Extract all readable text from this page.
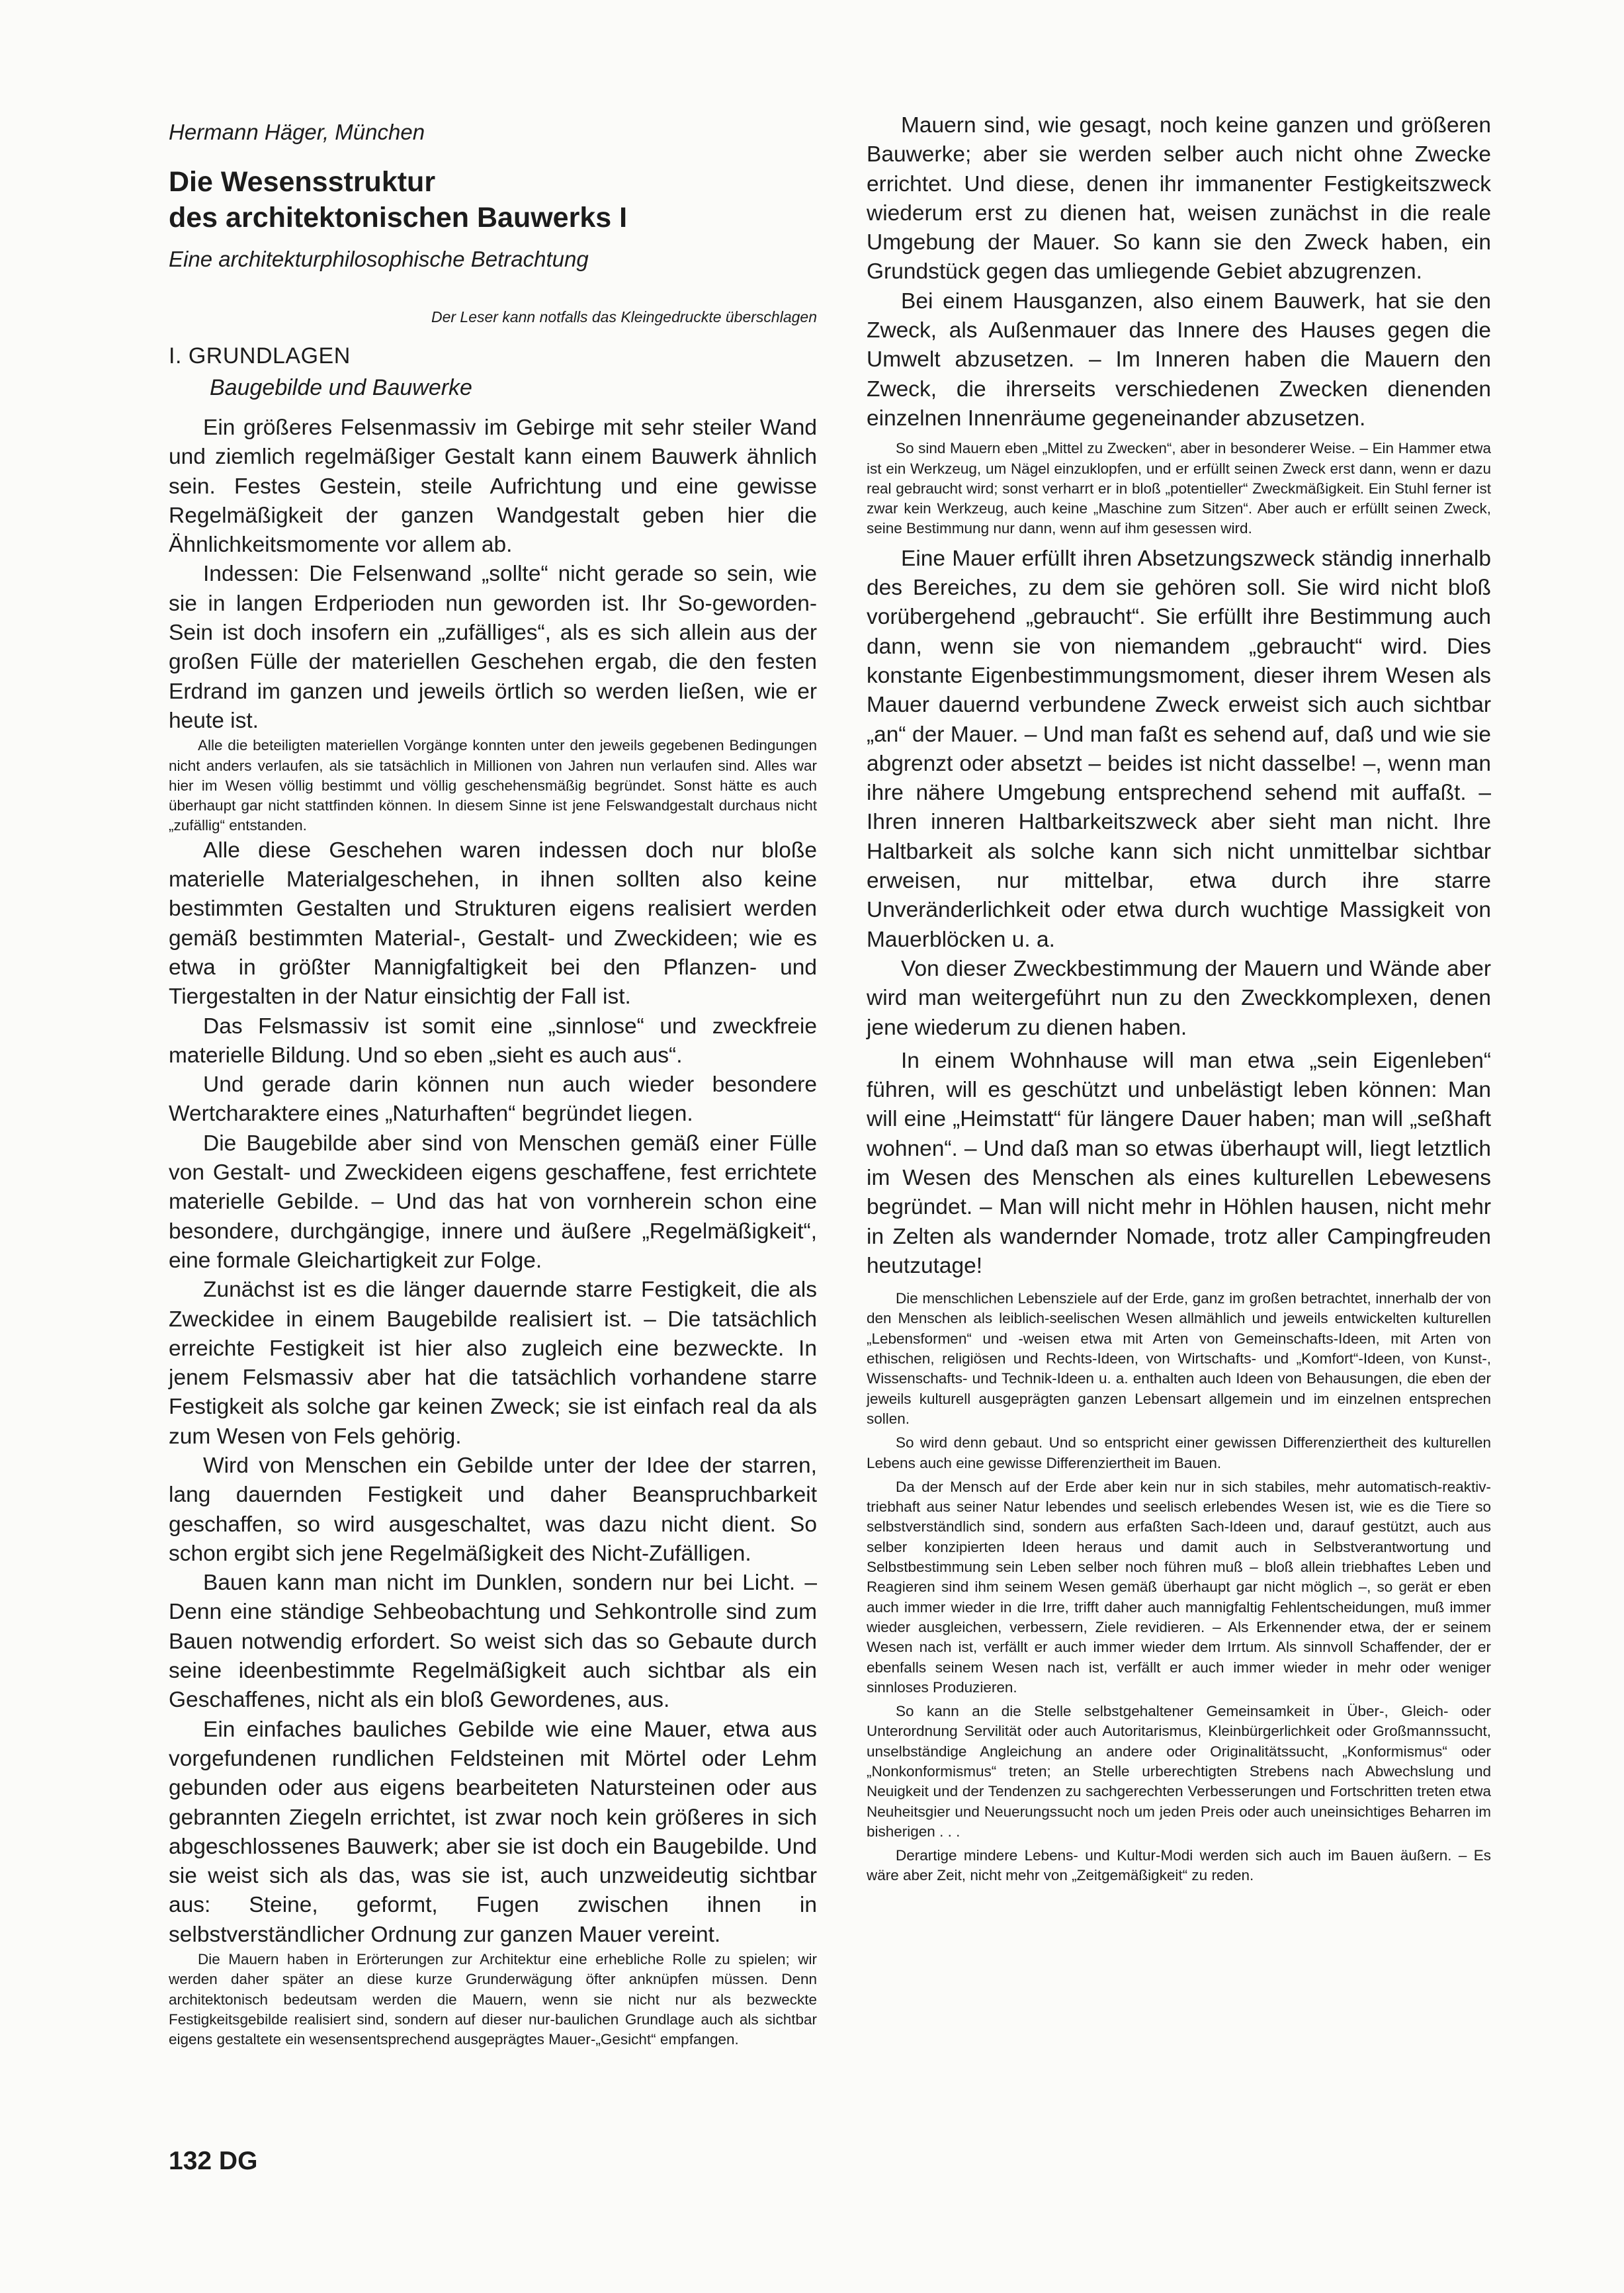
Hermann Häger, München

Die Wesensstruktur
des architektonischen Bauwerks I

Eine architekturphilosophische Betrachtung

Der Leser kann notfalls das Kleingedruckte überschlagen

I. GRUNDLAGEN

Baugebilde und Bauwerke

Ein größeres Felsenmassiv im Gebirge mit sehr steiler Wand und ziemlich regelmäßiger Gestalt kann einem Bauwerk ähnlich sein. Festes Gestein, steile Aufrichtung und eine gewisse Regelmäßigkeit der ganzen Wandgestalt geben hier die Ähnlichkeitsmomente vor allem ab.

Indessen: Die Felsenwand „sollte“ nicht gerade so sein, wie sie in langen Erdperioden nun geworden ist. Ihr So-geworden-Sein ist doch insofern ein „zufälliges“, als es sich allein aus der großen Fülle der materiellen Geschehen ergab, die den festen Erdrand im ganzen und jeweils örtlich so werden ließen, wie er heute ist.

Alle die beteiligten materiellen Vorgänge konnten unter den jeweils gegebenen Bedingungen nicht anders verlaufen, als sie tatsächlich in Millionen von Jahren nun verlaufen sind. Alles war hier im Wesen völlig bestimmt und völlig geschehensmäßig begründet. Sonst hätte es auch überhaupt gar nicht stattfinden können. In diesem Sinne ist jene Felswandgestalt durchaus nicht „zufällig“ entstanden.

Alle diese Geschehen waren indessen doch nur bloße materielle Materialgeschehen, in ihnen sollten also keine bestimmten Gestalten und Strukturen eigens realisiert werden gemäß bestimmten Material-, Gestalt- und Zweckideen; wie es etwa in größter Mannigfaltigkeit bei den Pflanzen- und Tiergestalten in der Natur einsichtig der Fall ist.

Das Felsmassiv ist somit eine „sinnlose“ und zweckfreie materielle Bildung. Und so eben „sieht es auch aus“.

Und gerade darin können nun auch wieder besondere Wertcharaktere eines „Naturhaften“ begründet liegen.

Die Baugebilde aber sind von Menschen gemäß einer Fülle von Gestalt- und Zweckideen eigens geschaffene, fest errichtete materielle Gebilde. – Und das hat von vornherein schon eine besondere, durchgängige, innere und äußere „Regelmäßigkeit“, eine formale Gleichartigkeit zur Folge.

Zunächst ist es die länger dauernde starre Festigkeit, die als Zweckidee in einem Baugebilde realisiert ist. – Die tatsächlich erreichte Festigkeit ist hier also zugleich eine bezweckte. In jenem Felsmassiv aber hat die tatsächlich vorhandene starre Festigkeit als solche gar keinen Zweck; sie ist einfach real da als zum Wesen von Fels gehörig.

Wird von Menschen ein Gebilde unter der Idee der starren, lang dauernden Festigkeit und daher Beanspruchbarkeit geschaffen, so wird ausgeschaltet, was dazu nicht dient. So schon ergibt sich jene Regelmäßigkeit des Nicht-Zufälligen.

Bauen kann man nicht im Dunklen, sondern nur bei Licht. – Denn eine ständige Sehbeobachtung und Sehkontrolle sind zum Bauen notwendig erfordert. So weist sich das so Gebaute durch seine ideenbestimmte Regelmäßigkeit auch sichtbar als ein Geschaffenes, nicht als ein bloß Gewordenes, aus.

Ein einfaches bauliches Gebilde wie eine Mauer, etwa aus vorgefundenen rundlichen Feldsteinen mit Mörtel oder Lehm gebunden oder aus eigens bearbeiteten Natursteinen oder aus gebrannten Ziegeln errichtet, ist zwar noch kein größeres in sich abgeschlossenes Bauwerk; aber sie ist doch ein Baugebilde. Und sie weist sich als das, was sie ist, auch unzweideutig sichtbar aus: Steine, geformt, Fugen zwischen ihnen in selbstverständlicher Ordnung zur ganzen Mauer vereint.

Die Mauern haben in Erörterungen zur Architektur eine erhebliche Rolle zu spielen; wir werden daher später an diese kurze Grunderwägung öfter anknüpfen müssen. Denn architektonisch bedeutsam werden die Mauern, wenn sie nicht nur als bezweckte Festigkeitsgebilde realisiert sind, sondern auf dieser nur-baulichen Grundlage auch als sichtbar eigens gestaltete ein wesensentsprechend ausgeprägtes Mauer-„Gesicht“ empfangen.

Mauern sind, wie gesagt, noch keine ganzen und größeren Bauwerke; aber sie werden selber auch nicht ohne Zwecke errichtet. Und diese, denen ihr immanenter Festigkeitszweck wiederum erst zu dienen hat, weisen zunächst in die reale Umgebung der Mauer. So kann sie den Zweck haben, ein Grundstück gegen das umliegende Gebiet abzugrenzen.

Bei einem Hausganzen, also einem Bauwerk, hat sie den Zweck, als Außenmauer das Innere des Hauses gegen die Umwelt abzusetzen. – Im Inneren haben die Mauern den Zweck, die ihrerseits verschiedenen Zwecken dienenden einzelnen Innenräume gegeneinander abzusetzen.

So sind Mauern eben „Mittel zu Zwecken“, aber in besonderer Weise. – Ein Hammer etwa ist ein Werkzeug, um Nägel einzuklopfen, und er erfüllt seinen Zweck erst dann, wenn er dazu real gebraucht wird; sonst verharrt er in bloß „potentieller“ Zweckmäßigkeit. Ein Stuhl ferner ist zwar kein Werkzeug, auch keine „Maschine zum Sitzen“. Aber auch er erfüllt seinen Zweck, seine Bestimmung nur dann, wenn auf ihm gesessen wird.

Eine Mauer erfüllt ihren Absetzungszweck ständig innerhalb des Bereiches, zu dem sie gehören soll. Sie wird nicht bloß vorübergehend „gebraucht“. Sie erfüllt ihre Bestimmung auch dann, wenn sie von niemandem „gebraucht“ wird. Dies konstante Eigenbestimmungsmoment, dieser ihrem Wesen als Mauer dauernd verbundene Zweck erweist sich auch sichtbar „an“ der Mauer. – Und man faßt es sehend auf, daß und wie sie abgrenzt oder absetzt – beides ist nicht dasselbe! –, wenn man ihre nähere Umgebung entsprechend sehend mit auffaßt. – Ihren inneren Haltbarkeitszweck aber sieht man nicht. Ihre Haltbarkeit als solche kann sich nicht unmittelbar sichtbar erweisen, nur mittelbar, etwa durch ihre starre Unveränderlichkeit oder etwa durch wuchtige Massigkeit von Mauerblöcken u. a.

Von dieser Zweckbestimmung der Mauern und Wände aber wird man weitergeführt nun zu den Zweckkomplexen, denen jene wiederum zu dienen haben.

In einem Wohnhause will man etwa „sein Eigenleben“ führen, will es geschützt und unbelästigt leben können: Man will eine „Heimstatt“ für längere Dauer haben; man will „seßhaft wohnen“. – Und daß man so etwas überhaupt will, liegt letztlich im Wesen des Menschen als eines kulturellen Lebewesens begründet. – Man will nicht mehr in Höhlen hausen, nicht mehr in Zelten als wandernder Nomade, trotz aller Campingfreuden heutzutage!

Die menschlichen Lebensziele auf der Erde, ganz im großen betrachtet, innerhalb der von den Menschen als leiblich-seelischen Wesen allmählich und jeweils entwickelten kulturellen „Lebensformen“ und -weisen etwa mit Arten von Gemeinschafts-Ideen, mit Arten von ethischen, religiösen und Rechts-Ideen, von Wirtschafts- und „Komfort“-Ideen, von Kunst-, Wissenschafts- und Technik-Ideen u. a. enthalten auch Ideen von Behausungen, die eben der jeweils kulturell ausgeprägten ganzen Lebensart allgemein und im einzelnen entsprechen sollen.

So wird denn gebaut. Und so entspricht einer gewissen Differenziertheit des kulturellen Lebens auch eine gewisse Differenziertheit im Bauen.

Da der Mensch auf der Erde aber kein nur in sich stabiles, mehr automatisch-reaktiv-triebhaft aus seiner Natur lebendes und seelisch erlebendes Wesen ist, wie es die Tiere so selbstverständlich sind, sondern aus erfaßten Sach-Ideen und, darauf gestützt, auch aus selber konzipierten Ideen heraus und damit auch in Selbstverantwortung und Selbstbestimmung sein Leben selber noch führen muß – bloß allein triebhaftes Leben und Reagieren sind ihm seinem Wesen gemäß überhaupt gar nicht möglich –, so gerät er eben auch immer wieder in die Irre, trifft daher auch mannigfaltig Fehlentscheidungen, muß immer wieder ausgleichen, verbessern, Ziele revidieren. – Als Erkennender etwa, der er seinem Wesen nach ist, verfällt er auch immer wieder dem Irrtum. Als sinnvoll Schaffender, der er ebenfalls seinem Wesen nach ist, verfällt er auch immer wieder in mehr oder weniger sinnloses Produzieren.

So kann an die Stelle selbstgehaltener Gemeinsamkeit in Über-, Gleich- oder Unterordnung Servilität oder auch Autoritarismus, Kleinbürgerlichkeit oder Großmannssucht, unselbständige Angleichung an andere oder Originalitätssucht, „Konformismus“ oder „Nonkonformismus“ treten; an Stelle urberechtigten Strebens nach Abwechslung und Neuigkeit und der Tendenzen zu sachgerechten Verbesserungen und Fortschritten treten etwa Neuheitsgier und Neuerungssucht noch um jeden Preis oder auch uneinsichtiges Beharren im bisherigen . . .

Derartige mindere Lebens- und Kultur-Modi werden sich auch im Bauen äußern. – Es wäre aber Zeit, nicht mehr von „Zeitgemäßigkeit“ zu reden.

132 DG
